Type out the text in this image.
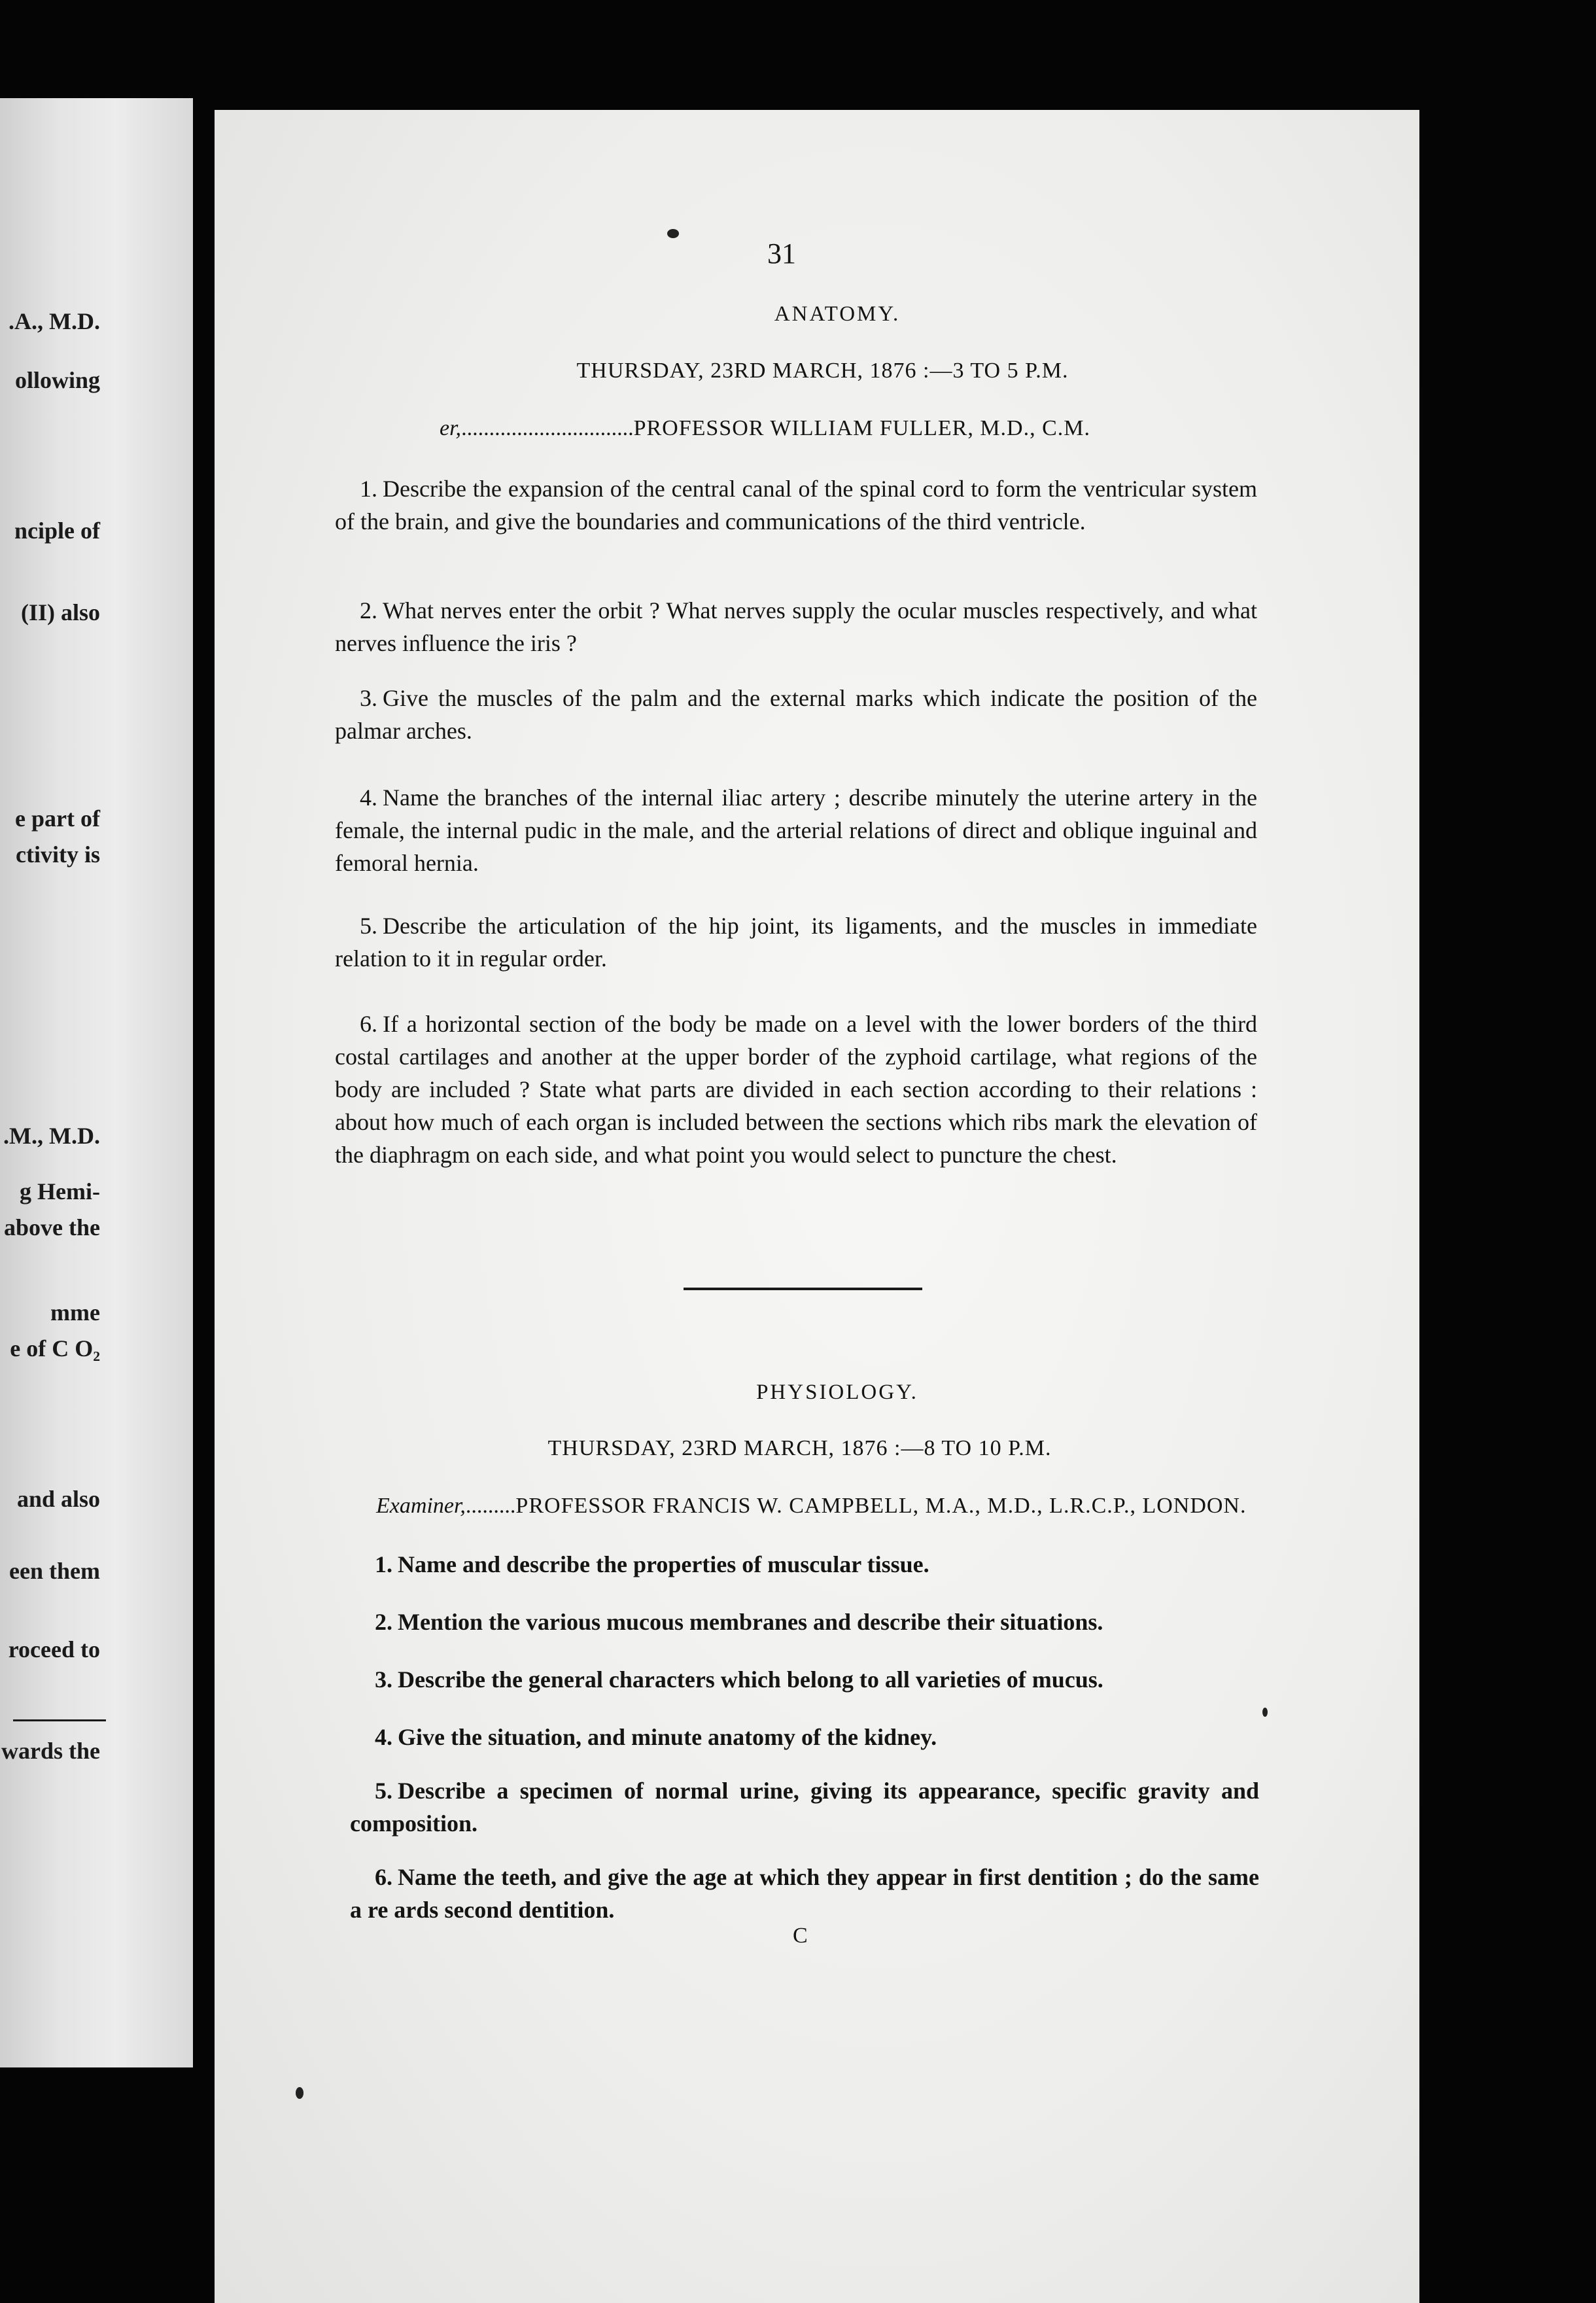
.A., M.D.
ollowing
nciple of
(II) also
e part of
ctivity is
.M., M.D.
g Hemi-
above the
mme
e of C O₂
and also
een them
roceed to
wards the
31
ANATOMY.
THURSDAY, 23RD MARCH, 1876 :—3 TO 5 P.M.
er,...............................PROFESSOR WILLIAM FULLER, M.D., C.M.

1. Describe the expansion of the central canal of the spinal cord to form the ventricular system of the brain, and give the boundaries and communications of the third ventricle.

2. What nerves enter the orbit ? What nerves supply the ocular muscles respectively, and what nerves influence the iris ?

3. Give the muscles of the palm and the external marks which indicate the position of the palmar arches.

4. Name the branches of the internal iliac artery ; describe minutely the uterine artery in the female, the internal pudic in the male, and the arterial relations of direct and oblique inguinal and femoral hernia.

5. Describe the articulation of the hip joint, its ligaments, and the muscles in immediate relation to it in regular order.

6. If a horizontal section of the body be made on a level with the lower borders of the third costal cartilages and another at the upper border of the zyphoid cartilage, what regions of the body are included ? State what parts are divided in each section according to their relations : about how much of each organ is included between the sections which ribs mark the elevation of the diaphragm on each side, and what point you would select to puncture the chest.

PHYSIOLOGY.
THURSDAY, 23RD MARCH, 1876 :—8 TO 10 P.M.
Examiner,.........PROFESSOR FRANCIS W. CAMPBELL, M.A., M.D., L.R.C.P., LONDON.

1. Name and describe the properties of muscular tissue.

2. Mention the various mucous membranes and describe their situations.

3. Describe the general characters which belong to all varieties of mucus.

4. Give the situation, and minute anatomy of the kidney.

5. Describe a specimen of normal urine, giving its appearance, specific gravity and composition.

6. Name the teeth, and give the age at which they appear in first dentition ; do the same a re ards second dentition.

C
